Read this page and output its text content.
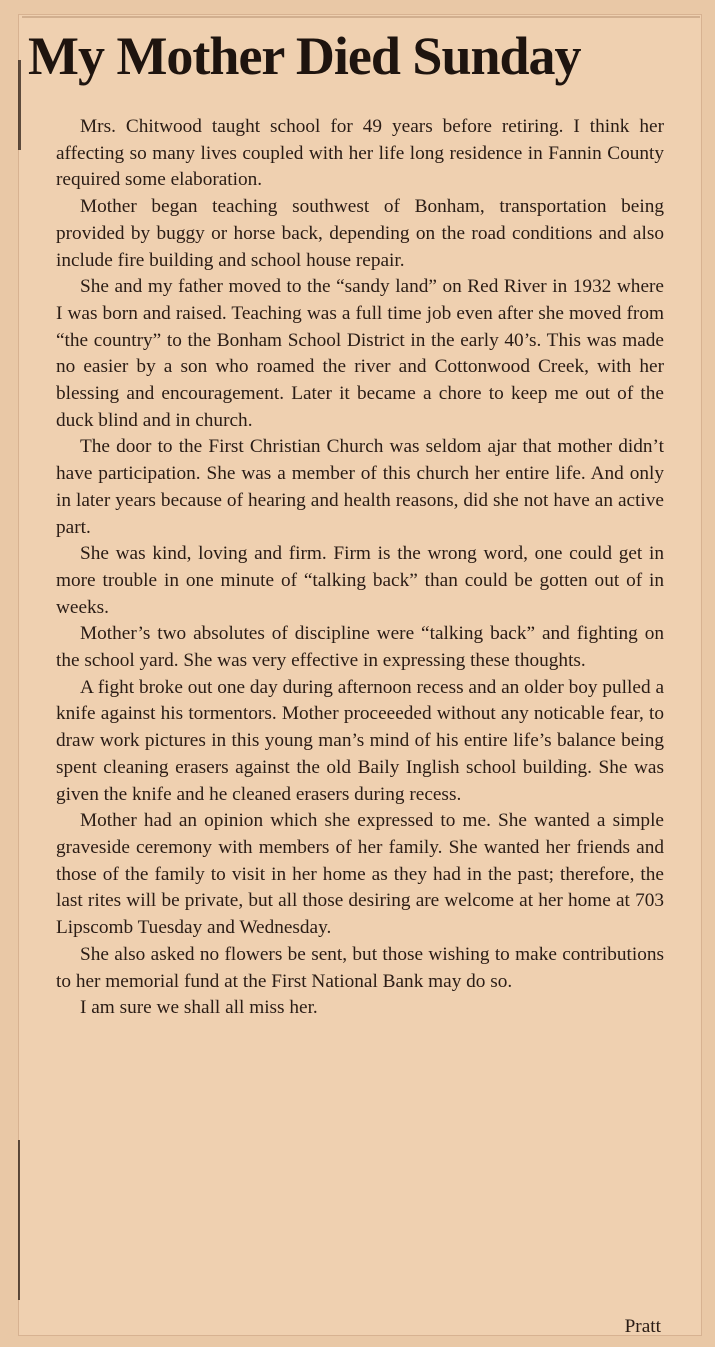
My Mother Died Sunday

Mrs. Chitwood taught school for 49 years before retiring. I think her affecting so many lives coupled with her life long residence in Fannin County required some elaboration.

Mother began teaching southwest of Bonham, transportation being provided by buggy or horse back, depending on the road conditions and also include fire building and school house repair.

She and my father moved to the “sandy land” on Red River in 1932 where I was born and raised. Teaching was a full time job even after she moved from “the country” to the Bonham School District in the early 40’s. This was made no easier by a son who roamed the river and Cottonwood Creek, with her blessing and encouragement. Later it became a chore to keep me out of the duck blind and in church.

The door to the First Christian Church was seldom ajar that mother didn’t have participation. She was a member of this church her entire life. And only in later years because of hearing and health reasons, did she not have an active part.

She was kind, loving and firm. Firm is the wrong word, one could get in more trouble in one minute of “talking back” than could be gotten out of in weeks.

Mother’s two absolutes of discipline were “talking back” and fighting on the school yard. She was very effective in expressing these thoughts.

A fight broke out one day during afternoon recess and an older boy pulled a knife against his tormentors. Mother proceeeded without any noticable fear, to draw work pictures in this young man’s mind of his entire life’s balance being spent cleaning erasers against the old Baily Inglish school building. She was given the knife and he cleaned erasers during recess.

Mother had an opinion which she expressed to me. She wanted a simple graveside ceremony with members of her family. She wanted her friends and those of the family to visit in her home as they had in the past; therefore, the last rites will be private, but all those desiring are welcome at her home at 703 Lipscomb Tuesday and Wednesday.

She also asked no flowers be sent, but those wishing to make contributions to her memorial fund at the First National Bank may do so.

I am sure we shall all miss her.

Pratt
